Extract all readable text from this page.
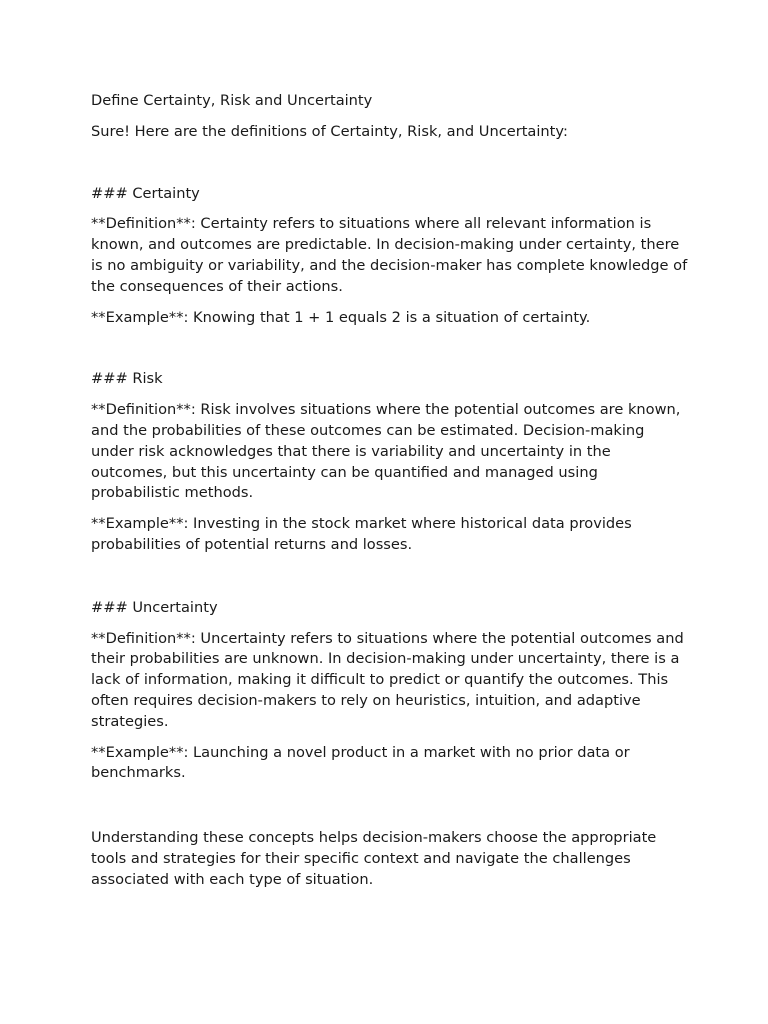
Define Certainty, Risk and Uncertainty

Sure! Here are the definitions of Certainty, Risk, and Uncertainty:

### Certainty

**Definition**: Certainty refers to situations where all relevant information is known, and outcomes are predictable. In decision-making under certainty, there is no ambiguity or variability, and the decision-maker has complete knowledge of the consequences of their actions.

**Example**: Knowing that 1 + 1 equals 2 is a situation of certainty.

### Risk

**Definition**: Risk involves situations where the potential outcomes are known, and the probabilities of these outcomes can be estimated. Decision-making under risk acknowledges that there is variability and uncertainty in the outcomes, but this uncertainty can be quantified and managed using probabilistic methods.

**Example**: Investing in the stock market where historical data provides probabilities of potential returns and losses.

### Uncertainty

**Definition**: Uncertainty refers to situations where the potential outcomes and their probabilities are unknown. In decision-making under uncertainty, there is a lack of information, making it difficult to predict or quantify the outcomes. This often requires decision-makers to rely on heuristics, intuition, and adaptive strategies.

**Example**: Launching a novel product in a market with no prior data or benchmarks.

Understanding these concepts helps decision-makers choose the appropriate tools and strategies for their specific context and navigate the challenges associated with each type of situation.
